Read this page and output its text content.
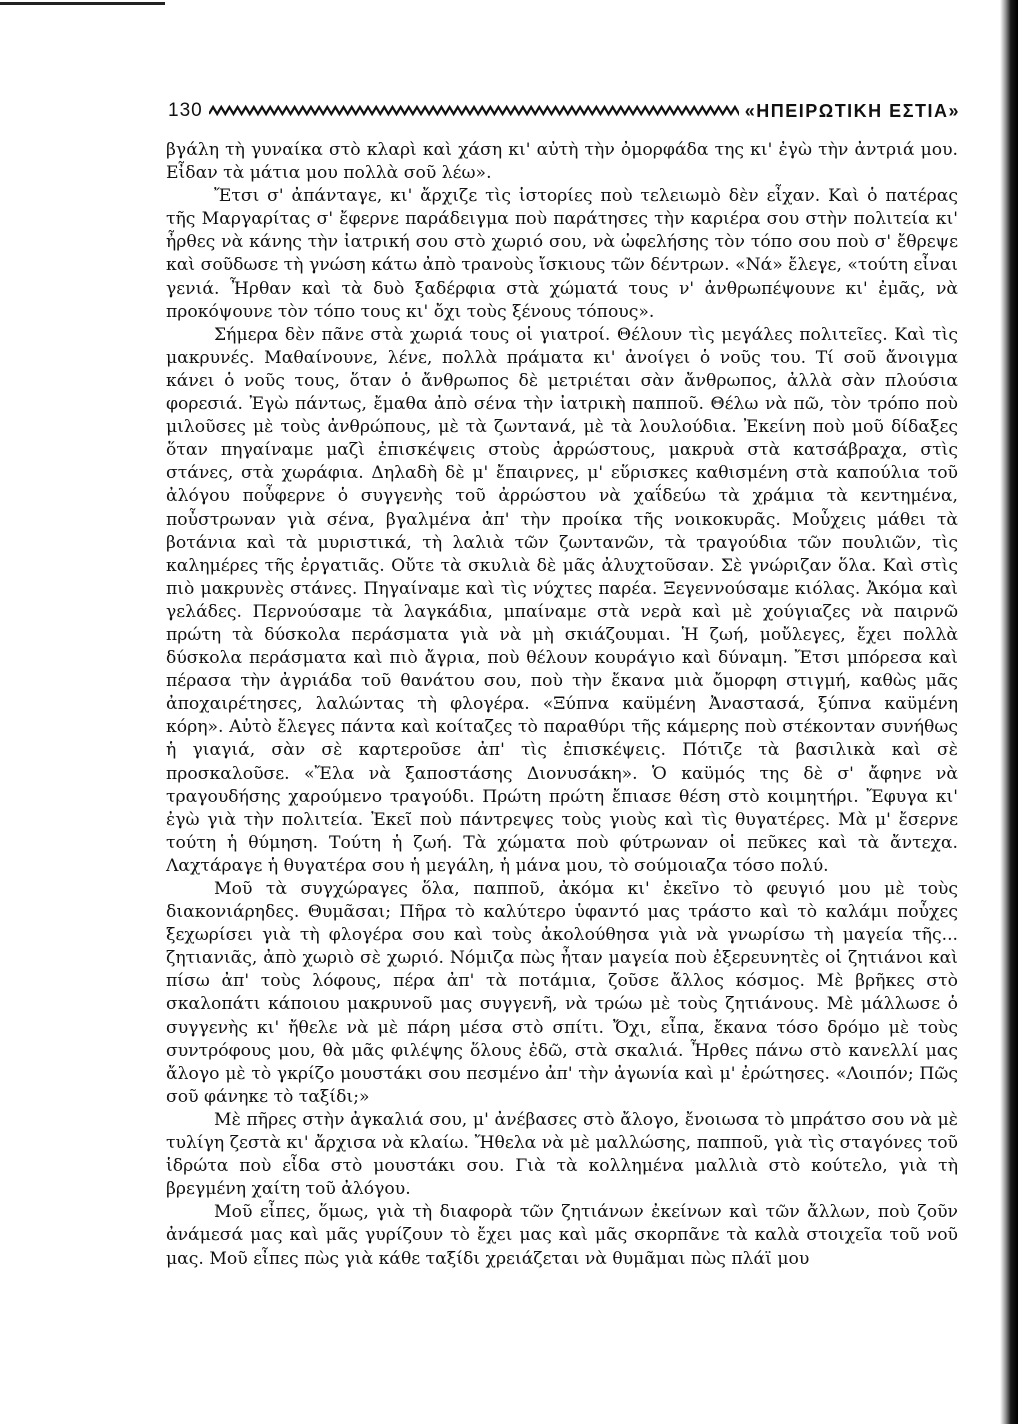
130	«ΗΠΕΙΡΩΤΙΚΗ ΕΣΤΙΑ»

βγάλη τὴ γυναίκα στὸ κλαρὶ καὶ χάση κι' αὐτὴ τὴν ὀμορφάδα της κι' ἐγὼ τὴν ἀντριά μου. Εἶδαν τὰ μάτια μου πολλὰ σοῦ λέω».

Ἔτσι σ' ἀπάνταγε, κι' ἄρχιζε τὶς ἱστορίες ποὺ τελειωμὸ δὲν εἶχαν. Καὶ ὁ πατέρας τῆς Μαργαρίτας σ' ἔφερνε παράδειγμα ποὺ παράτησες τὴν καριέρα σου στὴν πολιτεία κι' ἦρθες νὰ κάνης τὴν ἰατρική σου στὸ χωριό σου, νὰ ὠφελήσης τὸν τόπο σου ποὺ σ' ἔθρεψε καὶ σοῦδωσε τὴ γνώση κάτω ἀπὸ τρανοὺς ἴσκιους τῶν δέντρων. «Νά» ἔλεγε, «τούτη εἶναι γενιά. Ἦρθαν καὶ τὰ δυὸ ξαδέρφια στὰ χώματά τους ν' ἀνθρωπέψουνε κι' ἐμᾶς, νὰ προκόψουνε τὸν τόπο τους κι' ὄχι τοὺς ξένους τόπους».

Σήμερα δὲν πᾶνε στὰ χωριά τους οἱ γιατροί. Θέλουν τὶς μεγάλες πολιτεῖες. Καὶ τὶς μακρυνές. Μαθαίνουνε, λένε, πολλὰ πράματα κι' ἀνοίγει ὁ νοῦς του. Τί σοῦ ἄνοιγμα κάνει ὁ νοῦς τους, ὅταν ὁ ἄνθρωπος δὲ μετριέται σὰν ἄνθρωπος, ἀλλὰ σὰν πλούσια φορεσιά. Ἐγὼ πάντως, ἔμαθα ἀπὸ σένα τὴν ἰατρικὴ παπποῦ. Θέλω νὰ πῶ, τὸν τρόπο ποὺ μιλοῦσες μὲ τοὺς ἀνθρώπους, μὲ τὰ ζωντανά, μὲ τὰ λουλούδια. Ἐκείνη ποὺ μοῦ δίδαξες ὅταν πηγαίναμε μαζὶ ἐπισκέψεις στοὺς ἀρρώστους, μακρυὰ στὰ κατσάβραχα, στὶς στάνες, στὰ χωράφια. Δηλαδὴ δὲ μ' ἔπαιρνες, μ' εὕρισκες καθισμένη στὰ καπούλια τοῦ ἀλόγου ποὖφερνε ὁ συγγενὴς τοῦ ἀρρώστου νὰ χαΐδεύω τὰ χράμια τὰ κεντημένα, ποὖστρωναν γιὰ σένα, βγαλμένα ἀπ' τὴν προίκα τῆς νοικοκυρᾶς. Μοὖχεις μάθει τὰ βοτάνια καὶ τὰ μυριστικά, τὴ λαλιὰ τῶν ζωντανῶν, τὰ τραγούδια τῶν πουλιῶν, τὶς καλημέρες τῆς ἐργατιᾶς. Οὔτε τὰ σκυλιὰ δὲ μᾶς ἀλυχτοῦσαν. Σὲ γνώριζαν ὅλα. Καὶ στὶς πιὸ μακρυνὲς στάνες. Πηγαίναμε καὶ τὶς νύχτες παρέα. Ξεγεννούσαμε κιόλας. Ἀκόμα καὶ γελάδες. Περνούσαμε τὰ λαγκάδια, μπαίναμε στὰ νερὰ καὶ μὲ χούγιαζες νὰ παιρνῶ πρώτη τὰ δύσκολα περάσματα γιὰ νὰ μὴ σκιάζουμαι. Ἡ ζωή, μοὔλεγες, ἔχει πολλὰ δύσκολα περάσματα καὶ πιὸ ἄγρια, ποὺ θέλουν κουράγιο καὶ δύναμη. Ἔτσι μπόρεσα καὶ πέρασα τὴν ἀγριάδα τοῦ θανάτου σου, ποὺ τὴν ἔκανα μιὰ ὄμορφη στιγμή, καθὼς μᾶς ἀποχαιρέτησες, λαλώντας τὴ φλογέρα. «Ξύπνα καϋμένη Ἀναστασά, ξύπνα καϋμένη κόρη». Αὐτὸ ἔλεγες πάντα καὶ κοίταζες τὸ παραθύρι τῆς κάμερης ποὺ στέκονταν συνήθως ἡ γιαγιά, σὰν σὲ καρτεροῦσε ἀπ' τὶς ἐπισκέψεις. Πότιζε τὰ βασιλικὰ καὶ σὲ προσκαλοῦσε. «Ἔλα νὰ ξαποστάσης Διονυσάκη». Ὁ καϋμός της δὲ σ' ἄφηνε νὰ τραγουδήσης χαρούμενο τραγούδι. Πρώτη πρώτη ἔπιασε θέση στὸ κοιμητήρι. Ἔφυγα κι' ἐγὼ γιὰ τὴν πολιτεία. Ἐκεῖ ποὺ πάντρεψες τοὺς γιοὺς καὶ τὶς θυγατέρες. Μὰ μ' ἔσερνε τούτη ἡ θύμηση. Τούτη ἡ ζωή. Τὰ χώματα ποὺ φύτρωναν οἱ πεῦκες καὶ τὰ ἄντεχα. Λαχτάραγε ἡ θυγατέρα σου ἡ μεγάλη, ἡ μάνα μου, τὸ σούμοιαζα τόσο πολύ.

Μοῦ τὰ συγχώραγες ὅλα, παπποῦ, ἀκόμα κι' ἐκεῖνο τὸ φευγιό μου μὲ τοὺς διακονιάρηδες. Θυμᾶσαι; Πῆρα τὸ καλύτερο ὑφαντό μας τράστο καὶ τὸ καλάμι ποὖχες ξεχωρίσει γιὰ τὴ φλογέρα σου καὶ τοὺς ἀκολούθησα γιὰ νὰ γνωρίσω τὴ μαγεία τῆς... ζητιανιᾶς, ἀπὸ χωριὸ σὲ χωριό. Νόμιζα πὼς ἦταν μαγεία ποὺ ἐξερευνητὲς οἱ ζητιάνοι καὶ πίσω ἀπ' τοὺς λόφους, πέρα ἀπ' τὰ ποτάμια, ζοῦσε ἄλλος κόσμος. Μὲ βρῆκες στὸ σκαλοπάτι κάποιου μακρυνοῦ μας συγγενῆ, νὰ τρώω μὲ τοὺς ζητιάνους. Μὲ μάλλωσε ὁ συγγενὴς κι' ἤθελε νὰ μὲ πάρη μέσα στὸ σπίτι. Ὄχι, εἶπα, ἔκανα τόσο δρόμο μὲ τοὺς συντρόφους μου, θὰ μᾶς φιλέψης ὅλους ἐδῶ, στὰ σκαλιά. Ἦρθες πάνω στὸ κανελλί μας ἄλογο μὲ τὸ γκρίζο μουστάκι σου πεσμένο ἀπ' τὴν ἀγωνία καὶ μ' ἐρώτησες. «Λοιπόν; Πῶς σοῦ φάνηκε τὸ ταξίδι;»

Μὲ πῆρες στὴν ἀγκαλιά σου, μ' ἀνέβασες στὸ ἄλογο, ἔνοιωσα τὸ μπράτσο σου νὰ μὲ τυλίγη ζεστὰ κι' ἄρχισα νὰ κλαίω. Ἤθελα νὰ μὲ μαλλώσης, παπποῦ, γιὰ τὶς σταγόνες τοῦ ἱδρώτα ποὺ εἶδα στὸ μουστάκι σου. Γιὰ τὰ κολλημένα μαλλιὰ στὸ κούτελο, γιὰ τὴ βρεγμένη χαίτη τοῦ ἀλόγου.

Μοῦ εἶπες, ὅμως, γιὰ τὴ διαφορὰ τῶν ζητιάνων ἐκείνων καὶ τῶν ἄλλων, ποὺ ζοῦν ἀνάμεσά μας καὶ μᾶς γυρίζουν τὸ ἔχει μας καὶ μᾶς σκορπᾶνε τὰ καλὰ στοιχεῖα τοῦ νοῦ μας. Μοῦ εἶπες πὼς γιὰ κάθε ταξίδι χρειάζεται νὰ θυμᾶμαι πὼς πλάϊ μου
